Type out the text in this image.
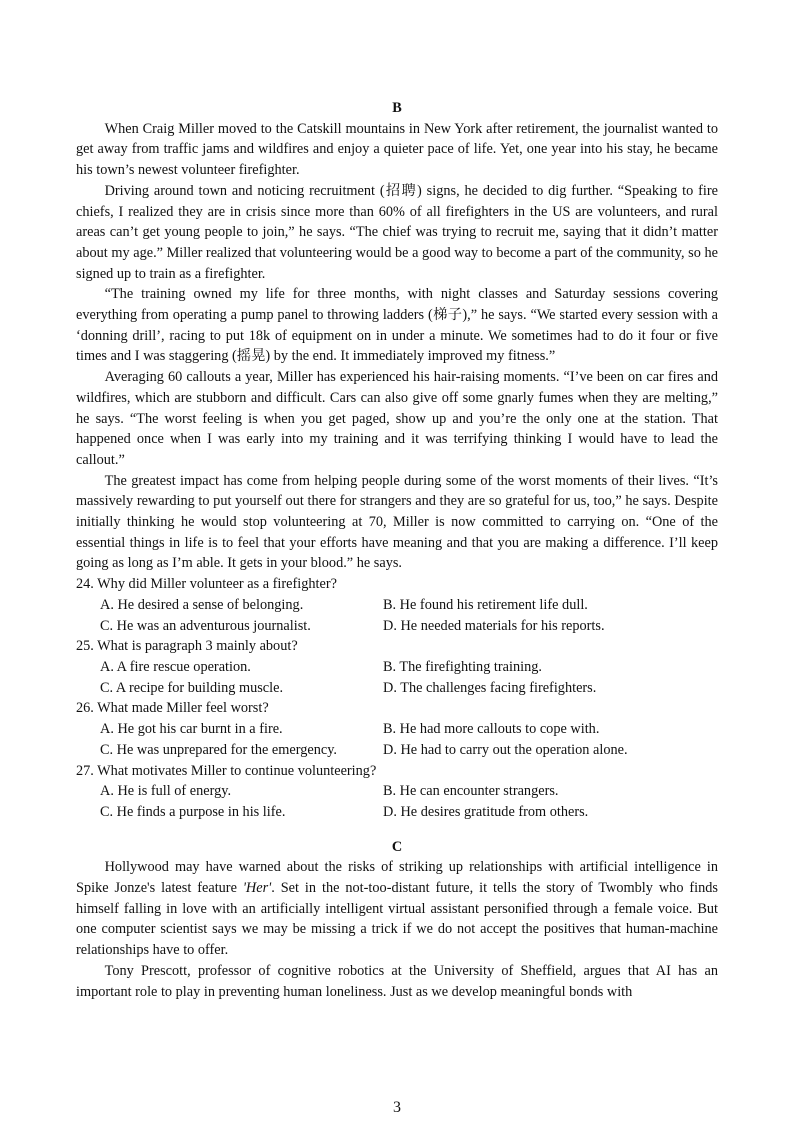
B

When Craig Miller moved to the Catskill mountains in New York after retirement, the journalist wanted to get away from traffic jams and wildfires and enjoy a quieter pace of life. Yet, one year into his stay, he became his town’s newest volunteer firefighter.

Driving around town and noticing recruitment (招聘) signs, he decided to dig further. “Speaking to fire chiefs, I realized they are in crisis since more than 60% of all firefighters in the US are volunteers, and rural areas can’t get young people to join,” he says. “The chief was trying to recruit me, saying that it didn’t matter about my age.” Miller realized that volunteering would be a good way to become a part of the community, so he signed up to train as a firefighter.

“The training owned my life for three months, with night classes and Saturday sessions covering everything from operating a pump panel to throwing ladders (梯子),” he says. “We started every session with a ‘donning drill’, racing to put 18k of equipment on in under a minute. We sometimes had to do it four or five times and I was staggering (摇晃) by the end. It immediately improved my fitness.”

Averaging 60 callouts a year, Miller has experienced his hair-raising moments. “I’ve been on car fires and wildfires, which are stubborn and difficult. Cars can also give off some gnarly fumes when they are melting,” he says. “The worst feeling is when you get paged, show up and you’re the only one at the station. That happened once when I was early into my training and it was terrifying thinking I would have to lead the callout.”

The greatest impact has come from helping people during some of the worst moments of their lives. “It’s massively rewarding to put yourself out there for strangers and they are so grateful for us, too,” he says. Despite initially thinking he would stop volunteering at 70, Miller is now committed to carrying on. “One of the essential things in life is to feel that your efforts have meaning and that you are making a difference. I’ll keep going as long as I’m able. It gets in your blood.” he says.

24. Why did Miller volunteer as a firefighter?

A. He desired a sense of belonging.	B. He found his retirement life dull.
C. He was an adventurous journalist.	D. He needed materials for his reports.

25. What is paragraph 3 mainly about?

A. A fire rescue operation.	B. The firefighting training.
C. A recipe for building muscle.	D. The challenges facing firefighters.

26. What made Miller feel worst?

A. He got his car burnt in a fire.	B. He had more callouts to cope with.
C. He was unprepared for the emergency.	D. He had to carry out the operation alone.

27. What motivates Miller to continue volunteering?

A. He is full of energy.	B. He can encounter strangers.
C. He finds a purpose in his life.	D. He desires gratitude from others.

C

Hollywood may have warned about the risks of striking up relationships with artificial intelligence in Spike Jonze's latest feature 'Her'. Set in the not-too-distant future, it tells the story of Twombly who finds himself falling in love with an artificially intelligent virtual assistant personified through a female voice. But one computer scientist says we may be missing a trick if we do not accept the positives that human-machine relationships have to offer.

Tony Prescott, professor of cognitive robotics at the University of Sheffield, argues that AI has an important role to play in preventing human loneliness. Just as we develop meaningful bonds with

3
